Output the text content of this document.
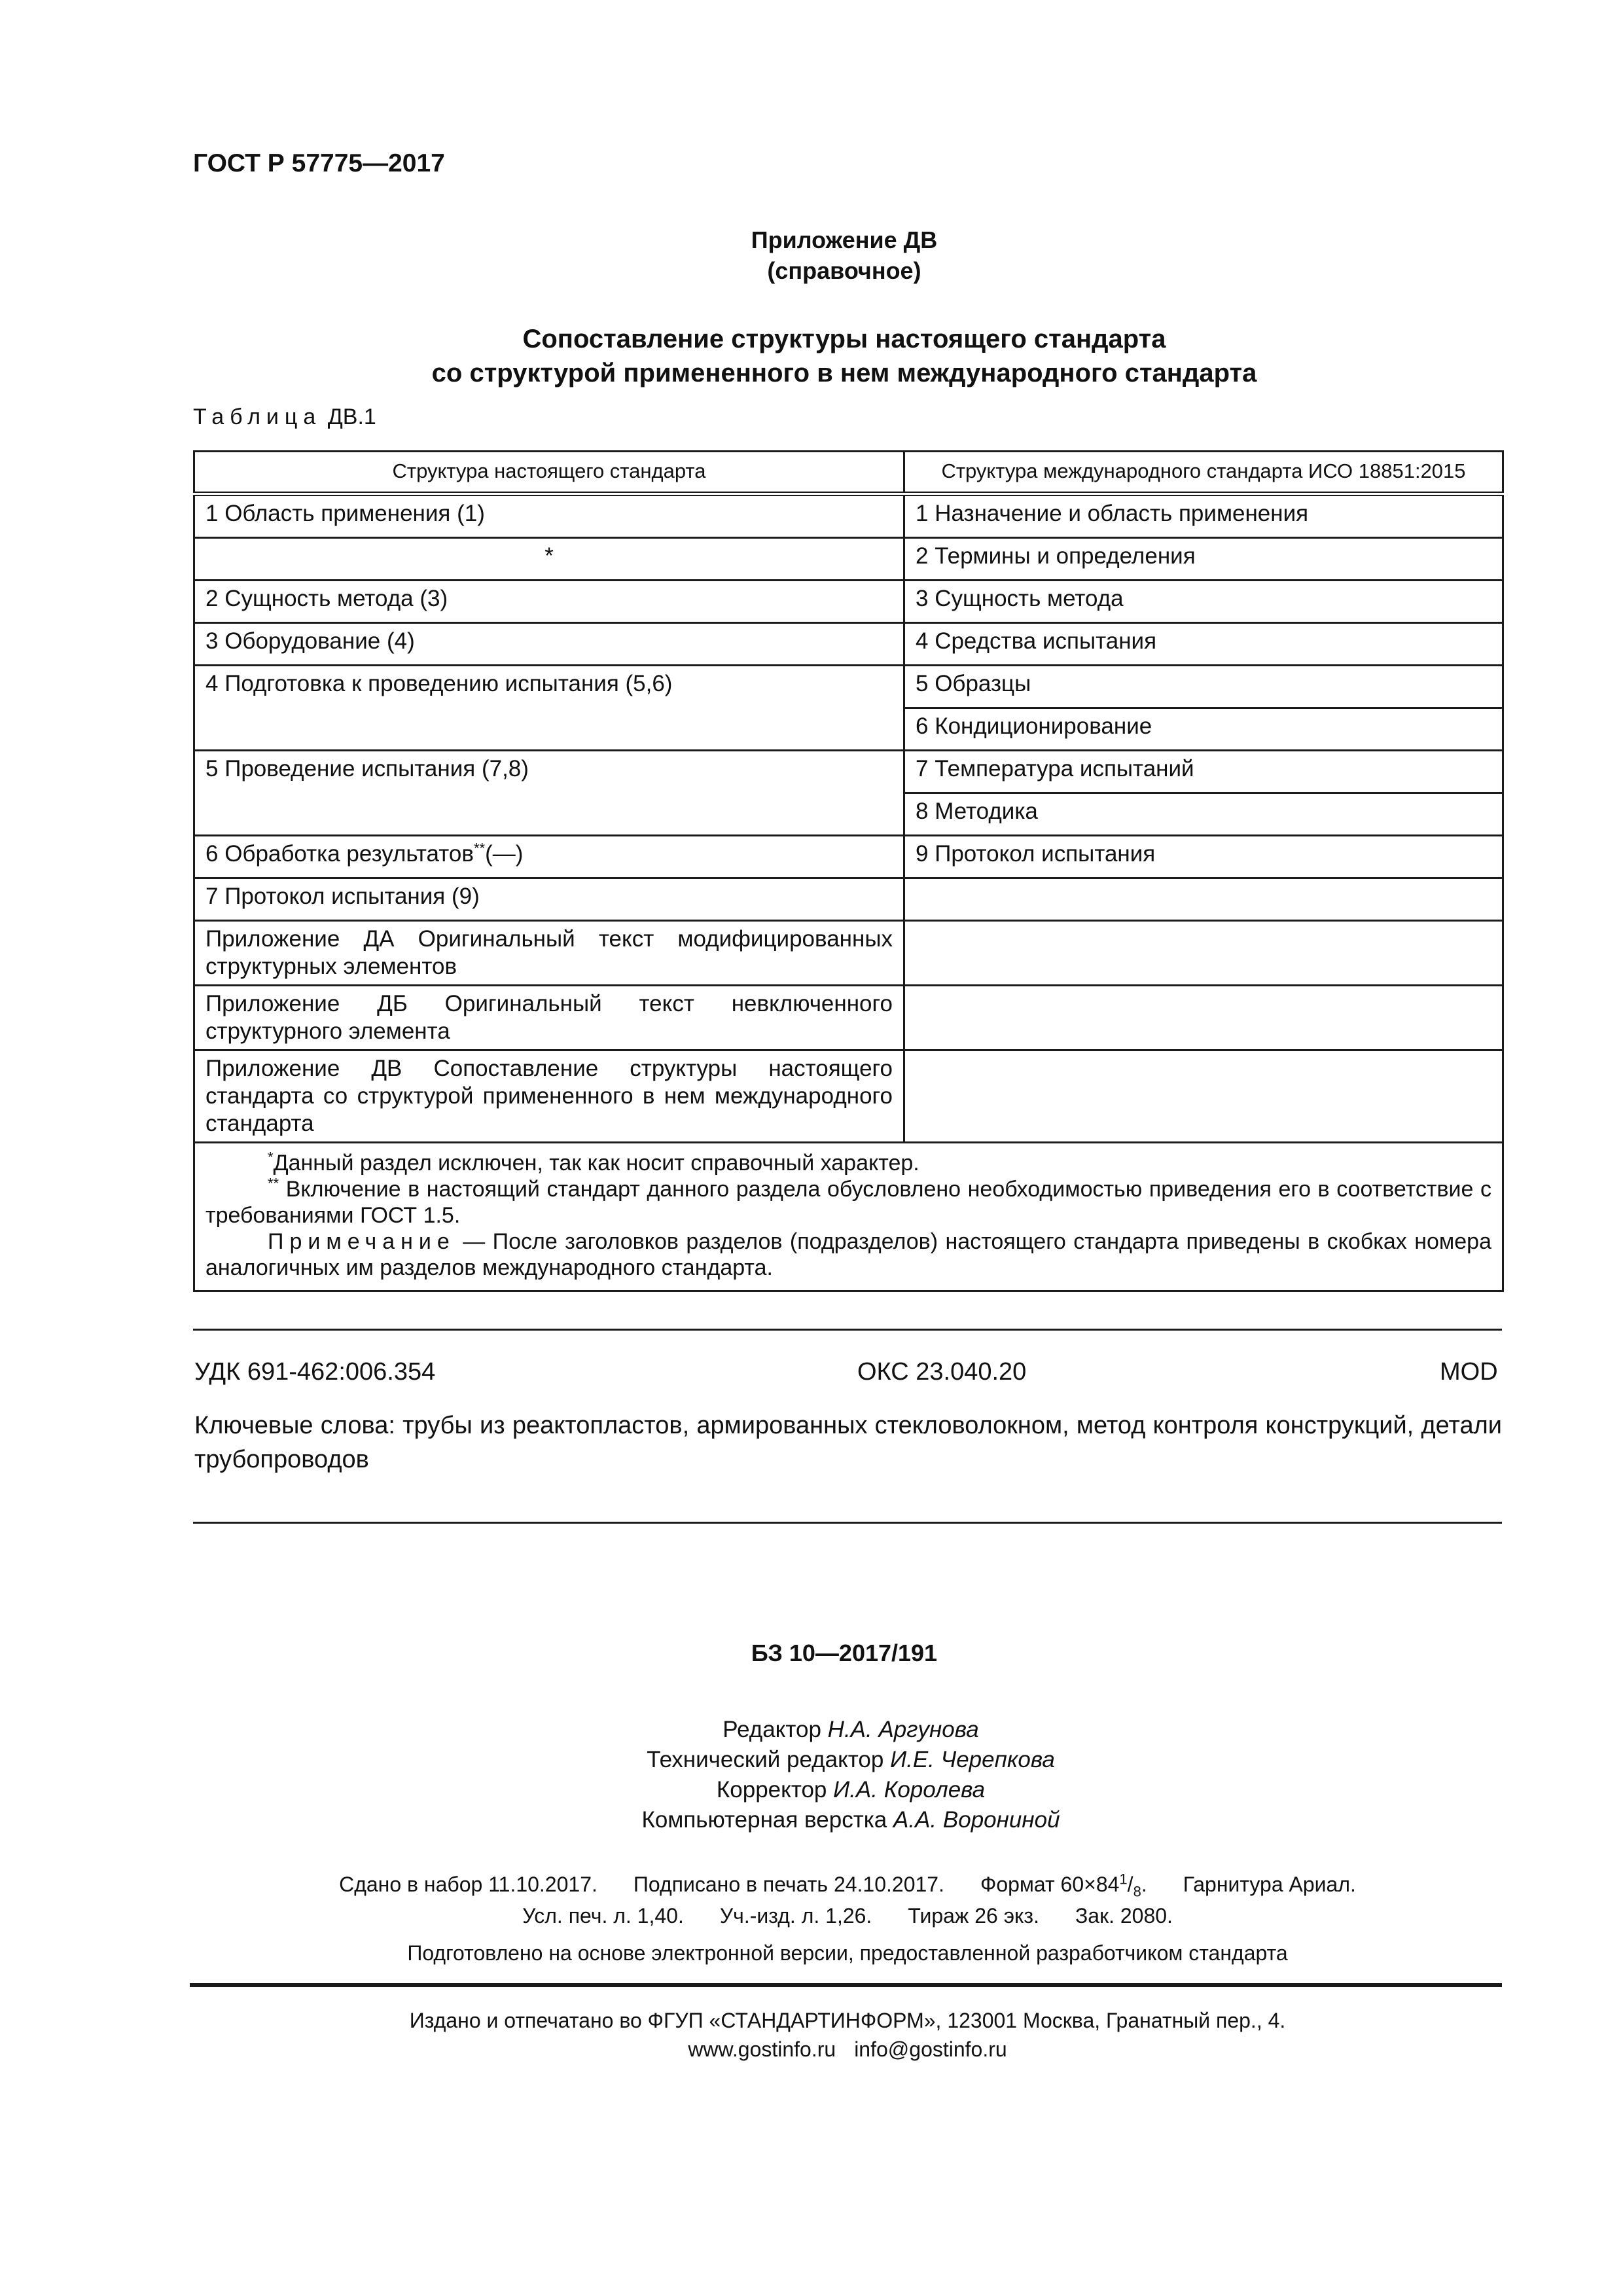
ГОСТ Р 57775—2017
Приложение ДВ
(справочное)
Сопоставление структуры настоящего стандарта
со структурой примененного в нем международного стандарта
Таблица ДВ.1
Структура настоящего стандарта	Структура международного стандарта ИСО 18851:2015
1 Область применения (1)	1 Назначение и область применения
*	2 Термины и определения
2 Сущность метода (3)	3 Сущность метода
3 Оборудование (4)	4 Средства испытания
4 Подготовка к проведению испытания (5,6)	5 Образцы
	6 Кондиционирование
5 Проведение испытания (7,8)	7 Температура испытаний
	8 Методика
6 Обработка результатов**(—)	9 Протокол испытания
7 Протокол испытания (9)	
Приложение ДА Оригинальный текст модифицированных структурных элементов	
Приложение ДБ Оригинальный текст невключенного структурного элемента	
Приложение ДВ Сопоставление структуры настоящего стандарта со структурой примененного в нем международного стандарта	

*Данный раздел исключен, так как носит справочный характер.
** Включение в настоящий стандарт данного раздела обусловлено необходимостью приведения его в соответствие с требованиями ГОСТ 1.5.
Примечание — После заголовков разделов (подразделов) настоящего стандарта приведены в скобках номера аналогичных им разделов международного стандарта.	
УДК 691-462:006.354	ОКС 23.040.20	MOD
Ключевые слова: трубы из реактопластов, армированных стекловолокном, метод контроля конструкций, детали трубопроводов
БЗ 10—2017/191
Редактор Н.А. Аргунова
Технический редактор И.Е. Черепкова
Корректор И.А. Королева
Компьютерная верстка А.А. Ворониной
Сдано в набор 11.10.2017. Подписано в печать 24.10.2017. Формат $60\times 84^1/_8$. Гарнитура Ариал.
Усл. печ. л. 1,40. Уч.-изд. л. 1,26. Тираж 26 экз. Зак. 2080.
Подготовлено на основе электронной версии, предоставленной разработчиком стандарта
Издано и отпечатано во ФГУП «СТАНДАРТИНФОРМ», 123001 Москва, Гранатный пер., 4.
www.gostinfo.ru info@gostinfo.ru
